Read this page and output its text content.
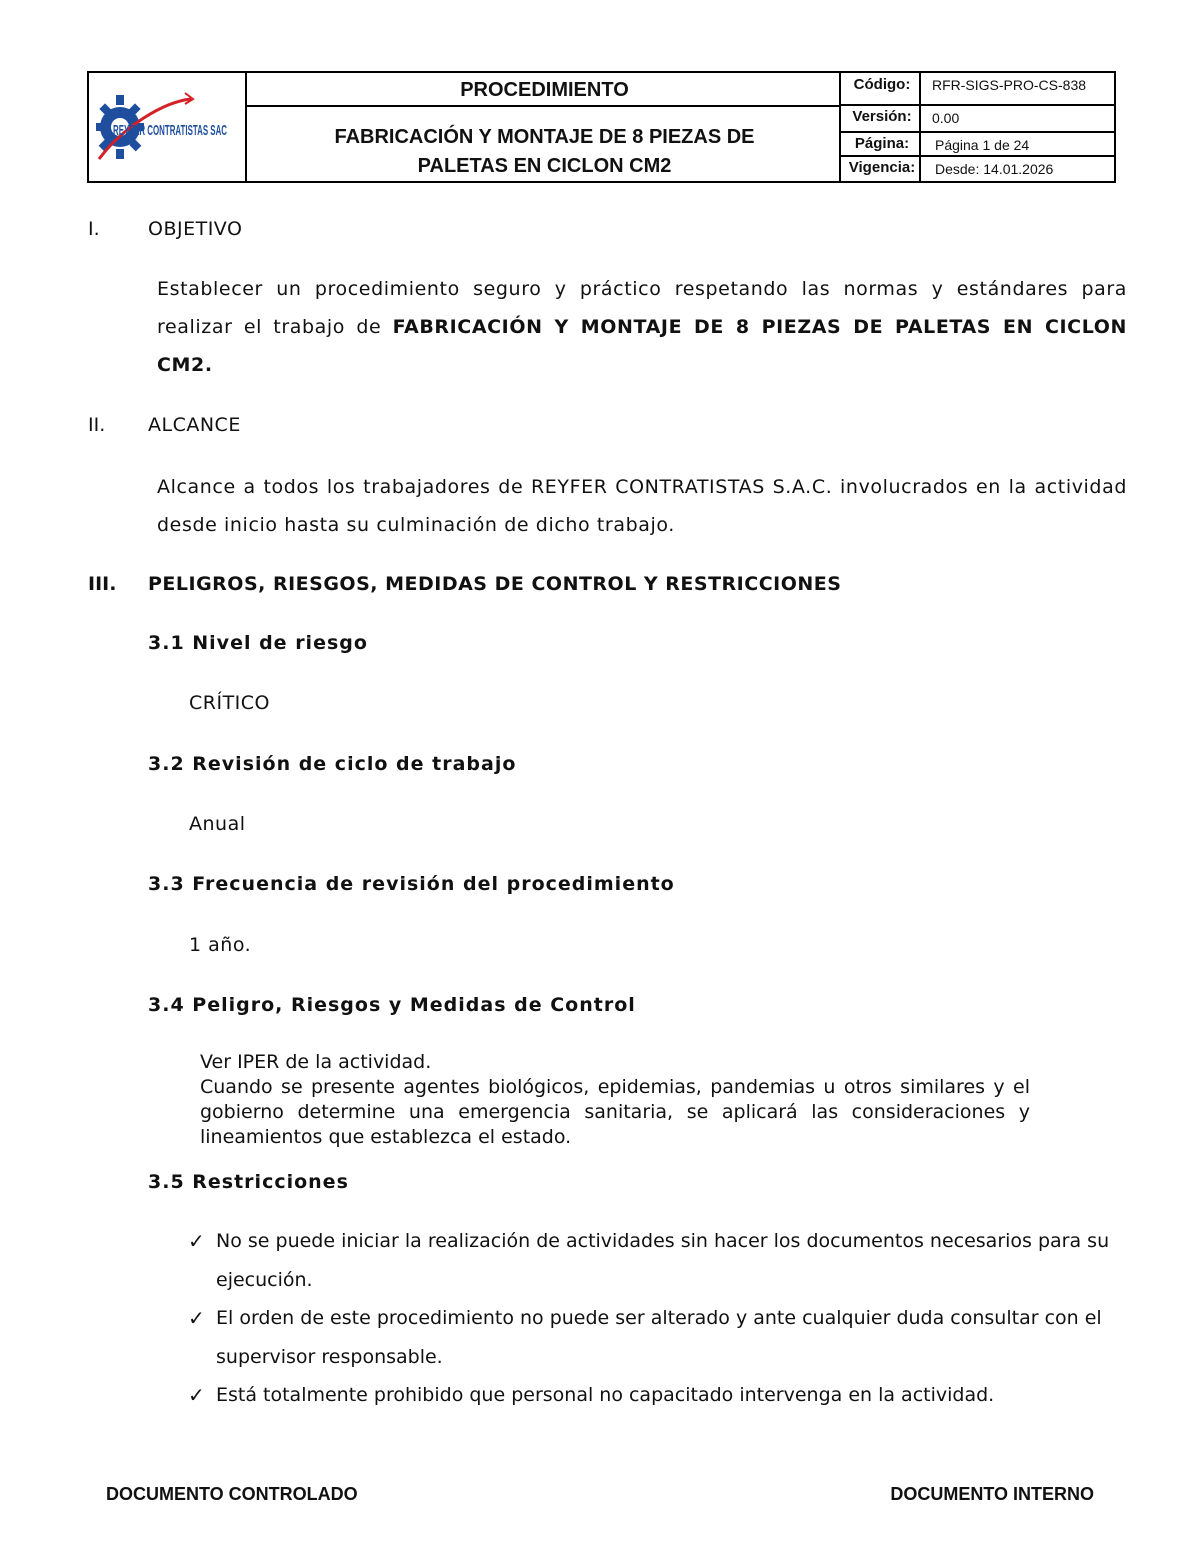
REYFER CONTRATISTAS SAC
PROCEDIMIENTO
FABRICACIÓN Y MONTAJE DE 8 PIEZAS DE
PALETAS EN CICLON CM2
Código:	RFR-SIGS-PRO-CS-838
Versión:	0.00
Página:	Página 1 de 24
Vigencia:	Desde: 14.01.2026
I.	OBJETIVO
Establecer un procedimiento seguro y práctico respetando las normas y estándares para realizar el trabajo de FABRICACIÓN Y MONTAJE DE 8 PIEZAS DE PALETAS EN CICLON CM2.
II. ALCANCE
Alcance a todos los trabajadores de REYFER CONTRATISTAS S.A.C. involucrados en la actividad desde inicio hasta su culminación de dicho trabajo.
III. PELIGROS, RIESGOS, MEDIDAS DE CONTROL Y RESTRICCIONES
3.1 Nivel de riesgo
CRÍTICO
3.2 Revisión de ciclo de trabajo
Anual
3.3 Frecuencia de revisión del procedimiento
1 año.
3.4 Peligro, Riesgos y Medidas de Control

Ver IPER de la actividad.

Cuando se presente agentes biológicos, epidemias, pandemias u otros similares y el gobierno determine una emergencia sanitaria, se aplicará las consideraciones y lineamientos que establezca el estado.

3.5 Restricciones
✓ No se puede iniciar la realización de actividades sin hacer los documentos necesarios para su ejecución.
✓ El orden de este procedimiento no puede ser alterado y ante cualquier duda consultar con el supervisor responsable.
✓ Está totalmente prohibido que personal no capacitado intervenga en la actividad.
DOCUMENTO CONTROLADO	DOCUMENTO INTERNO
